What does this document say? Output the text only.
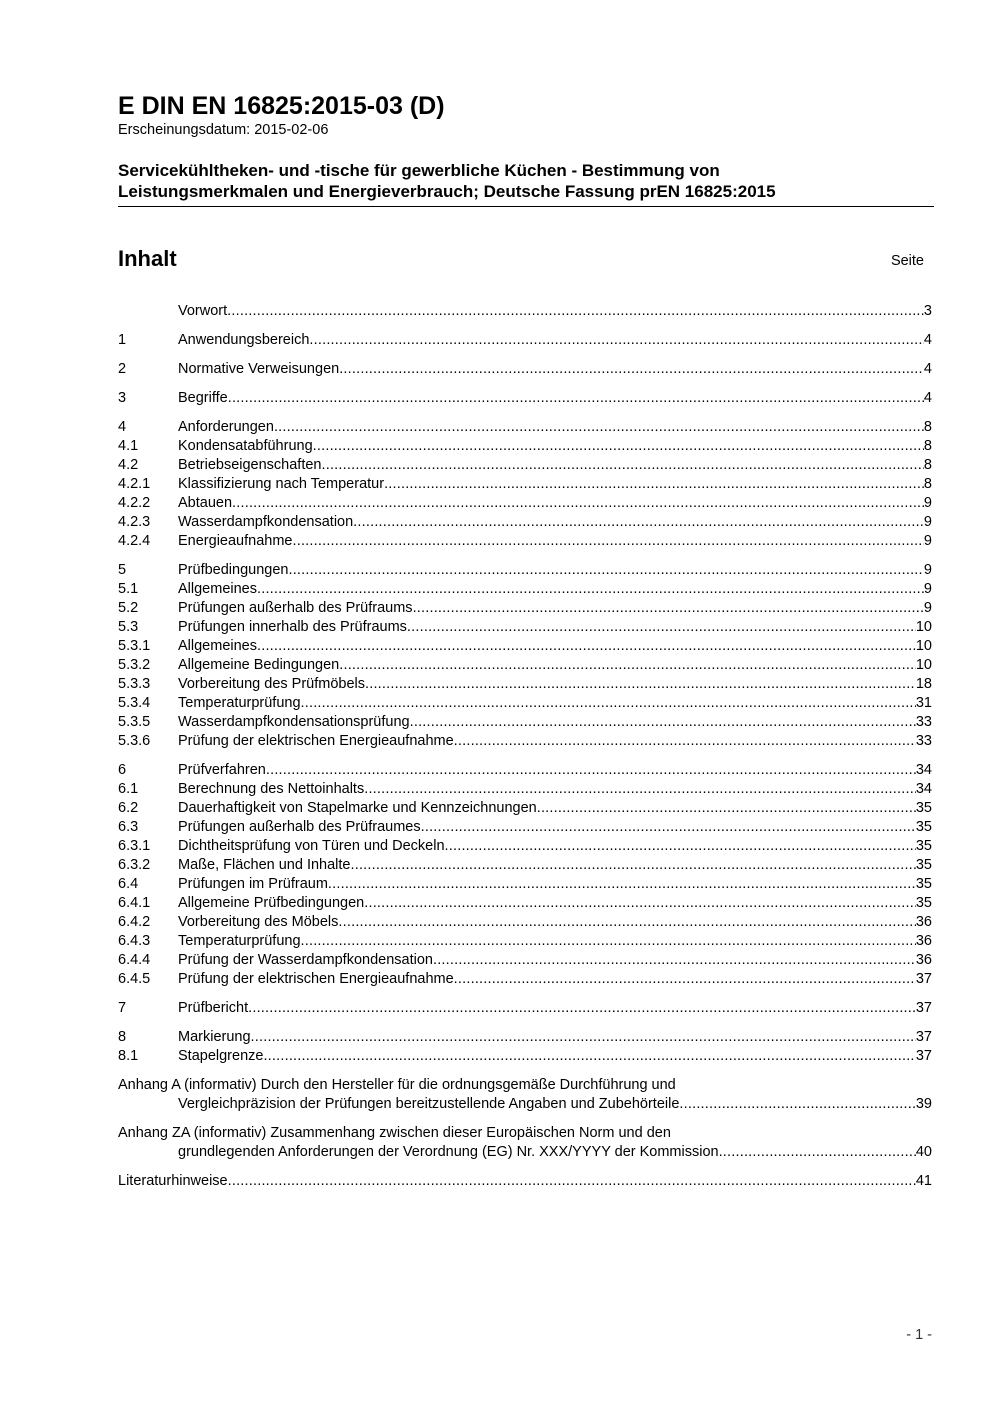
E DIN EN 16825:2015-03 (D)
Erscheinungsdatum: 2015-02-06
Servicekühltheken- und -tische für gewerbliche Küchen - Bestimmung von
Leistungsmerkmalen und Energieverbrauch; Deutsche Fassung prEN 16825:2015
Inhalt	Seite
Vorwort .....	3
1	Anwendungsbereich .....	4
2	Normative Verweisungen .....	4
3	Begriffe .....	4
4	Anforderungen .....	8
4.1	Kondensatabführung .....	8
4.2	Betriebseigenschaften .....	8
4.2.1	Klassifizierung nach Temperatur .....	8
4.2.2	Abtauen .....	9
4.2.3	Wasserdampfkondensation .....	9
4.2.4	Energieaufnahme .....	9
5	Prüfbedingungen .....	9
5.1	Allgemeines .....	9
5.2	Prüfungen außerhalb des Prüfraums .....	9
5.3	Prüfungen innerhalb des Prüfraums .....	10
5.3.1	Allgemeines .....	10
5.3.2	Allgemeine Bedingungen .....	10
5.3.3	Vorbereitung des Prüfmöbels .....	18
5.3.4	Temperaturprüfung .....	31
5.3.5	Wasserdampfkondensationsprüfung .....	33
5.3.6	Prüfung der elektrischen Energieaufnahme .....	33
6	Prüfverfahren .....	34
6.1	Berechnung des Nettoinhalts .....	34
6.2	Dauerhaftigkeit von Stapelmarke und Kennzeichnungen .....	35
6.3	Prüfungen außerhalb des Prüfraumes .....	35
6.3.1	Dichtheitsprüfung von Türen und Deckeln .....	35
6.3.2	Maße, Flächen und Inhalte .....	35
6.4	Prüfungen im Prüfraum .....	35
6.4.1	Allgemeine Prüfbedingungen .....	35
6.4.2	Vorbereitung des Möbels .....	36
6.4.3	Temperaturprüfung .....	36
6.4.4	Prüfung der Wasserdampfkondensation .....	36
6.4.5	Prüfung der elektrischen Energieaufnahme .....	37
7	Prüfbericht .....	37
8	Markierung .....	37
8.1	Stapelgrenze .....	37
Anhang A (informativ) Durch den Hersteller für die ordnungsgemäße Durchführung und
Vergleichpräzision der Prüfungen bereitzustellende Angaben und Zubehörteile .....	39
Anhang ZA (informativ) Zusammenhang zwischen dieser Europäischen Norm und den
grundlegenden Anforderungen der Verordnung (EG) Nr. XXX/YYYY der Kommission .....	40
Literaturhinweise .....	41
- 1 -
